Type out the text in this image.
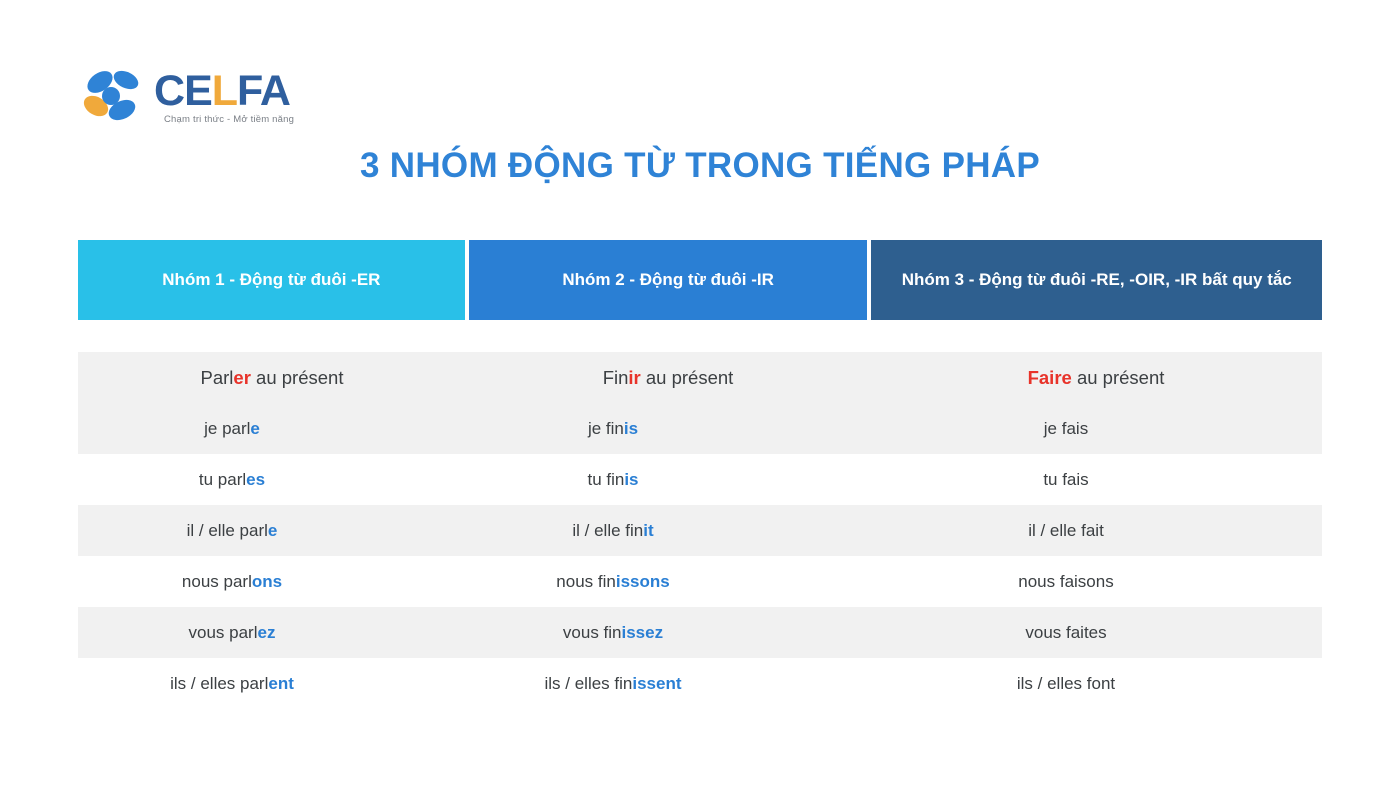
CELFA
Chạm tri thức - Mở tiềm năng
3 NHÓM ĐỘNG TỪ TRONG TIẾNG PHÁP
Nhóm 1 - Động từ đuôi -ER	Nhóm 2 - Động từ đuôi -IR	Nhóm 3 - Động từ đuôi -RE, -OIR, -IR bất quy tắc
Parler au présent	Finir au présent	Faire au présent
je parle	je finis	je fais
tu parles	tu finis	tu fais
il / elle parle	il / elle finit	il / elle fait
nous parlons	nous finissons	nous faisons
vous parlez	vous finissez	vous faites
ils / elles parlent	ils / elles finissent	ils / elles font
